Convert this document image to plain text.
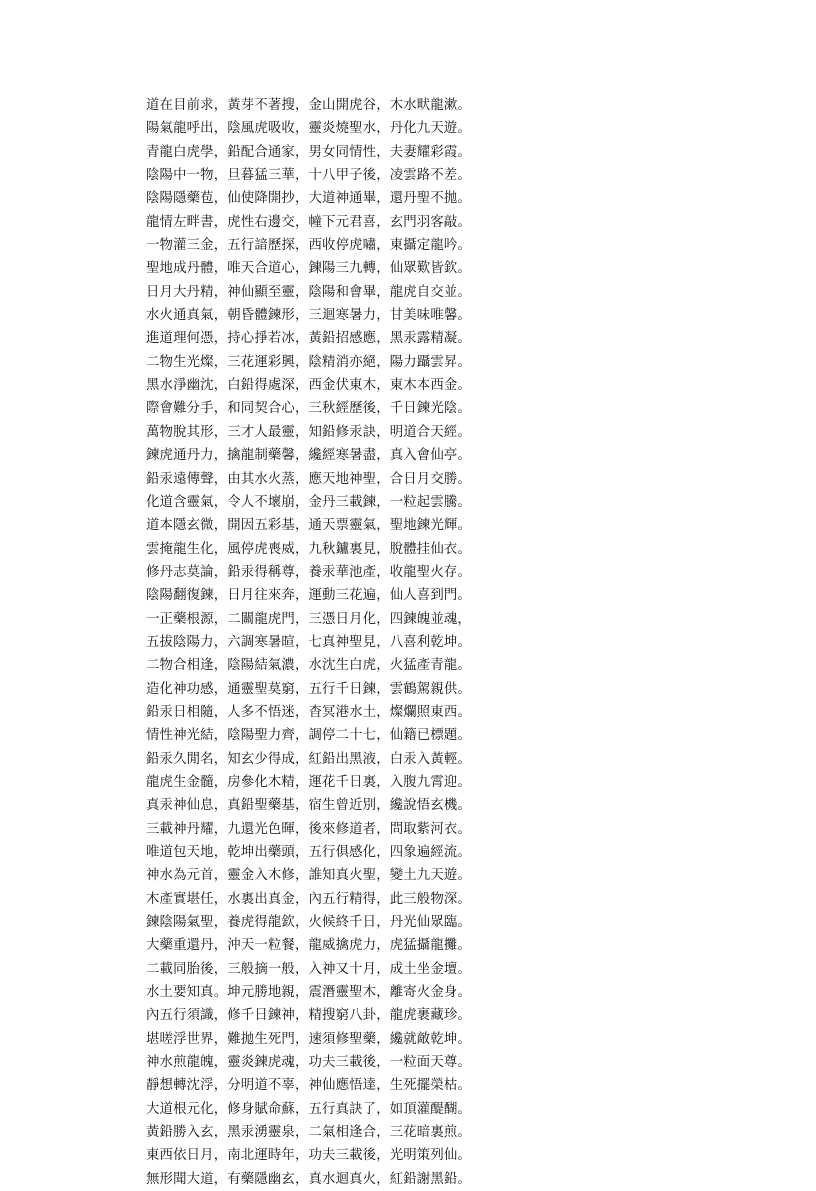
道在目前求，黃芽不著搜，金山開虎谷，木水畎龍漱。
陽氣龍呼出，陰風虎吸收，靈炎燒聖水，丹化九天遊。
青龍白虎學，鉛配合通家，男女同情性，夫妻耀彩霞。
陰陽中一物，旦暮猛三華，十八甲子後，凌雲路不差。
陰陽隱藥苞，仙使降開抄，大道神通畢，還丹聖不拋。
龍情左畔書，虎性右邊交，幢下元君喜，玄門羽客敲。
一物灌三金，五行諳歷探，西收停虎嘯，東攝定龍吟。
聖地成丹體，唯天合道心，鍊陽三九轉，仙眾歎皆欽。
日月大丹精，神仙顯至靈，陰陽和會畢，龍虎自交並。
水火通真氣，朝昏體鍊形，三迴寒暑力，甘美味唯馨。
進道理何憑，持心掙若冰，黃鉛招感應，黑汞露精凝。
二物生光燦，三花運彩興，陰精消亦絕，陽力躡雲昇。
黑水淨幽沈，白鉛得處深，西金伏東木，東木本西金。
際會難分手，和同契合心，三秋經歷後，千日鍊光陰。
萬物脫其形，三才人最靈，知鉛修汞訣，明道合天經。
鍊虎通丹力，擒龍制藥馨，纔經寒暑盡，真入會仙亭。
鉛汞遠傳聲，由其水火蒸，應天地神聖，合日月交勝。
化道含靈氣，令人不壞崩，金丹三載鍊，一粒起雲騰。
道本隱玄微，開因五彩基，通天票靈氣，聖地鍊光輝。
雲掩龍生化，風停虎喪威，九秋鑪裏見，脫體挂仙衣。
修丹志莫論，鉛汞得稱尊，養汞華池產，收龍聖火存。
陰陽翻復鍊，日月往來奔，運動三花遍，仙人喜到門。
一正藥根源，二關龍虎門，三憑日月化，四鍊魄並魂，
五拔陰陽力，六調寒暑暄，七真神聖見，八喜利乾坤。
二物合相逢，陰陽結氣濃，水沈生白虎，火猛產青龍。
造化神功感，通靈聖莫窮，五行千日鍊，雲鶴駕親供。
鉛汞日相隨，人多不悟迷，杳冥港水土，燦爛照東西。
情性神光結，陰陽聖力齊，調停二十七，仙籍已標題。
鉛汞久閒名，知玄少得成，紅鉛出黑液，白汞入黃輕。
龍虎生金髓，房參化木精，運花千日裏，入腹九霄迎。
真汞神仙息，真鉛聖藥基，宿生曾近別，纔說悟玄機。
三載神丹耀，九還光色暉，後來修道者，問取紫河衣。
唯道包天地，乾坤出藥頭，五行俱感化，四象遍經流。
神水為元首，靈金入木修，誰知真火聖，變土九天遊。
木產實堪任，水裏出真金，內五行精得，此三般物深。
鍊陰陽氣聖，養虎得龍欽，火候終千日，丹光仙眾臨。
大藥重還丹，沖天一粒餐，龍威擒虎力，虎猛攝龍攤。
二載同胎後，三般摘一般，入神又十月，成土坐金壇。
水土要知真。坤元勝地親，震潛靈聖木，離寄火金身。
內五行須識，修千日鍊神，精搜窮八卦，龍虎裹藏珍。
堪嗟浮世界，難拋生死門，速須修聖藥，纔就敵乾坤。
神水煎龍魄，靈炎鍊虎魂，功夫三載後，一粒面天尊。
靜想轉沈浮，分明道不辜，神仙應悟達，生死擺榮枯。
大道根元化，修身賦命蘇，五行真訣了，如頂灌醍醐。
黃鉛勝入玄，黑汞湧靈泉，二氣相逢合，三花暗裏煎。
東西依日月，南北運時年，功夫三載後，光明策列仙。
無形聞大道，有藥隱幽玄，真水迴真火，紅鉛謝黑鉛。
